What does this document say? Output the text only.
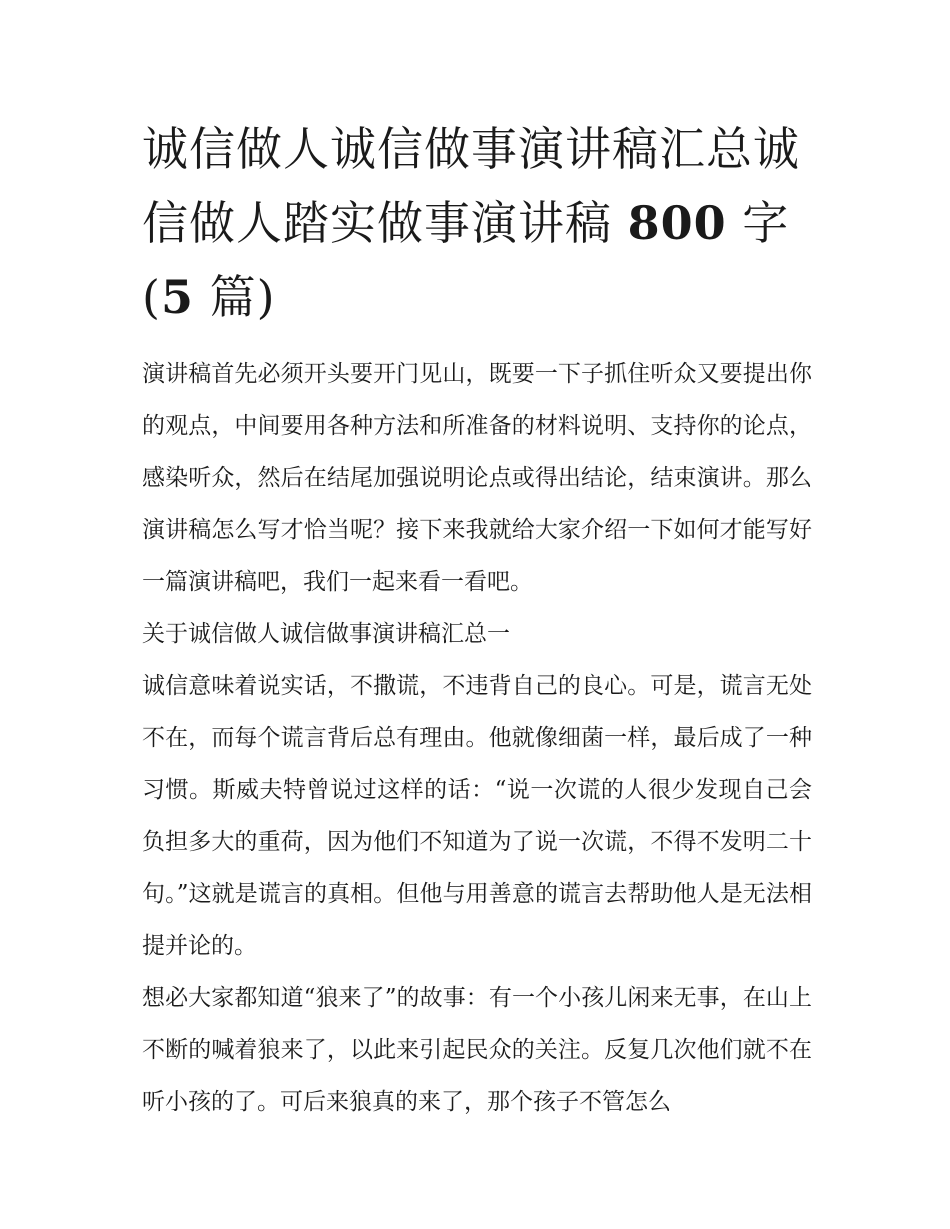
诚信做人诚信做事演讲稿汇总诚信做人踏实做事演讲稿 800 字(5 篇)

演讲稿首先必须开头要开门见山，既要一下子抓住听众又要提出你的观点，中间要用各种方法和所准备的材料说明、支持你的论点，感染听众，然后在结尾加强说明论点或得出结论，结束演讲。那么演讲稿怎么写才恰当呢？接下来我就给大家介绍一下如何才能写好一篇演讲稿吧，我们一起来看一看吧。

关于诚信做人诚信做事演讲稿汇总一

诚信意味着说实话，不撒谎，不违背自己的良心。可是，谎言无处不在，而每个谎言背后总有理由。他就像细菌一样，最后成了一种习惯。斯威夫特曾说过这样的话：“说一次谎的人很少发现自己会负担多大的重荷，因为他们不知道为了说一次谎，不得不发明二十句。”这就是谎言的真相。但他与用善意的谎言去帮助他人是无法相提并论的。

想必大家都知道“狼来了”的故事：有一个小孩儿闲来无事，在山上不断的喊着狼来了，以此来引起民众的关注。反复几次他们就不在听小孩的了。可后来狼真的来了，那个孩子不管怎么
